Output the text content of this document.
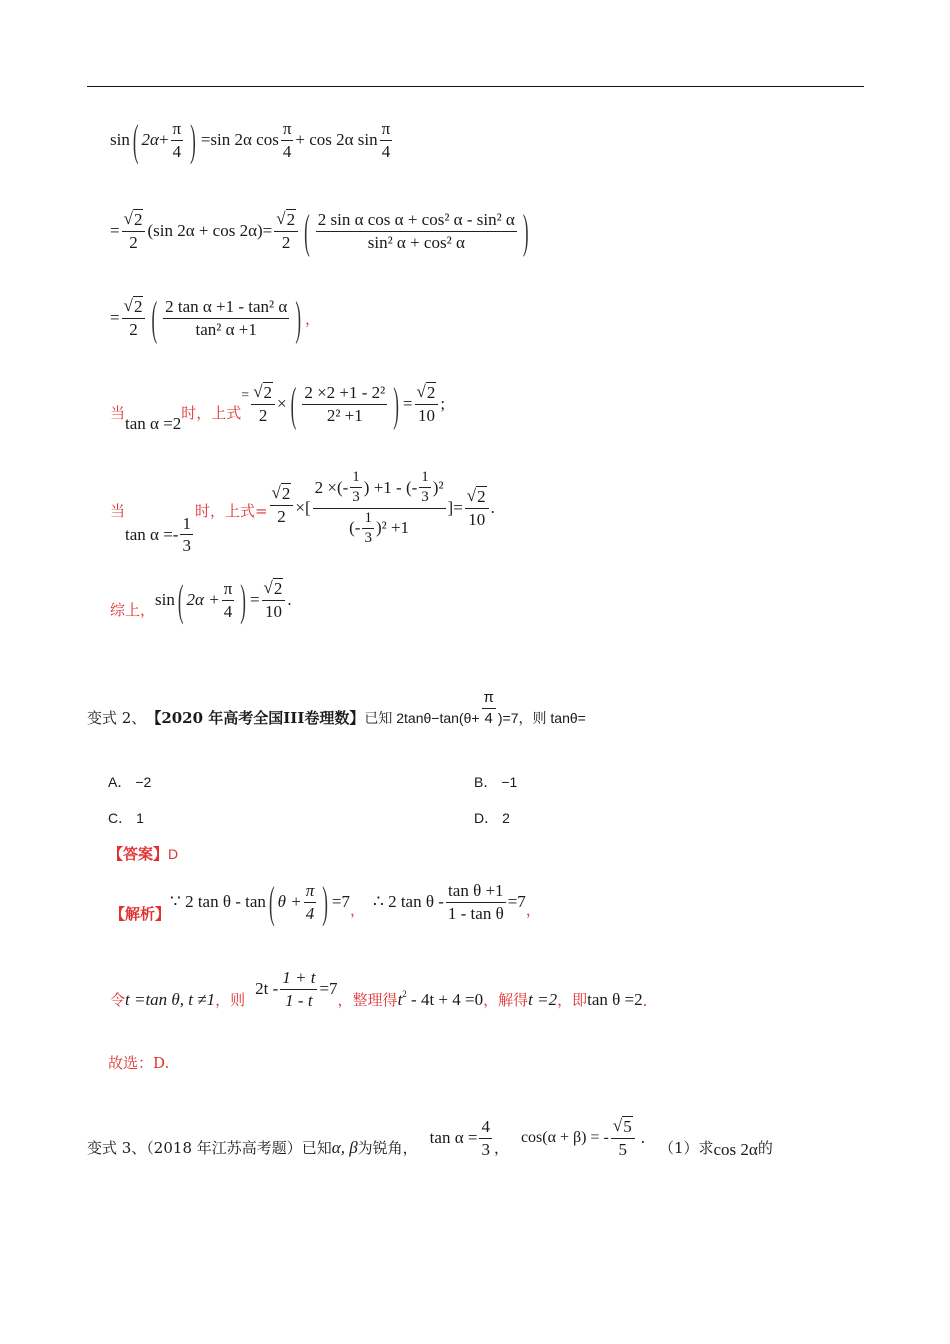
sin ( $2\alpha + \frac{\pi}{4}$ ) =sin 2α $\cos \frac{\pi}{4} + \cos 2\alpha$ $\sin \frac{\pi}{4}$
= $\frac{√ 2}{2} (\sin$ $2\alpha + \cos 2\alpha)= \frac{√ 2}{2}$ ( $\frac{\text{2 sin α cos α + cos² α - sin² α}}{\text{sin² α + cos² α}}$ )
= $\frac{√ 2}{2}$ ( $\frac{\text{2 tan α +1 - tan² α}}{\text{tan² α +1}}$ ) ，
当
tan α =2
时，上式
= $\frac{√ 2}{2}$ × ( $\frac{\text{2 ×2 +1 - 2²}}{\text{2² +1}}$ ) = $\frac{√ 2}{10}$ ;
当
$\tan \alpha =- \frac{1}{3}$
时，上式= $\frac{√ 2}{2}$ ×[ $\frac{2 \times(- \frac{1}{3} ) +1 - (- \frac{1}{3} )^2}{(- \frac{1}{3} )^2 +1}$ ]= $\frac{√ 2}{10}$ .
综上，
sin ( $2\alpha + \frac{\pi}{4}$ ) = $\frac{√ 2}{10}$ .
变式 2、 【2020 年高考全国III卷理数】 已知 $2\tan\theta-\tan(\theta+ \frac{\pi}{4} )=7$，则 tanθ=
A． −2	B． −1
C． 1	D． 2
【答案】 D
【解析】
∵ 2 tan θ - tan ( $\theta + \frac{\pi}{4}$ ) =7 ， ∴ 2 $\tan \theta - \frac{\text{tan θ +1}}{\text{1 - tan θ}} =7$ ，
令 t =tan θ, t ≠1 ，则
$2t - \frac{1 + t}{1 - t} =7$
，整理得 $t^2 - 4t + 4 =0$ ，解得 t =2 ，即 tan θ =2 .
故选：D.
变式 3、（2018 年江苏高考题）已知 α, β 为锐角，
$\tan \alpha = \frac{4}{3}$ ，
cos(α + β) = - $\frac{√ 5}{5}$ .
（1）求 cos 2α 的
